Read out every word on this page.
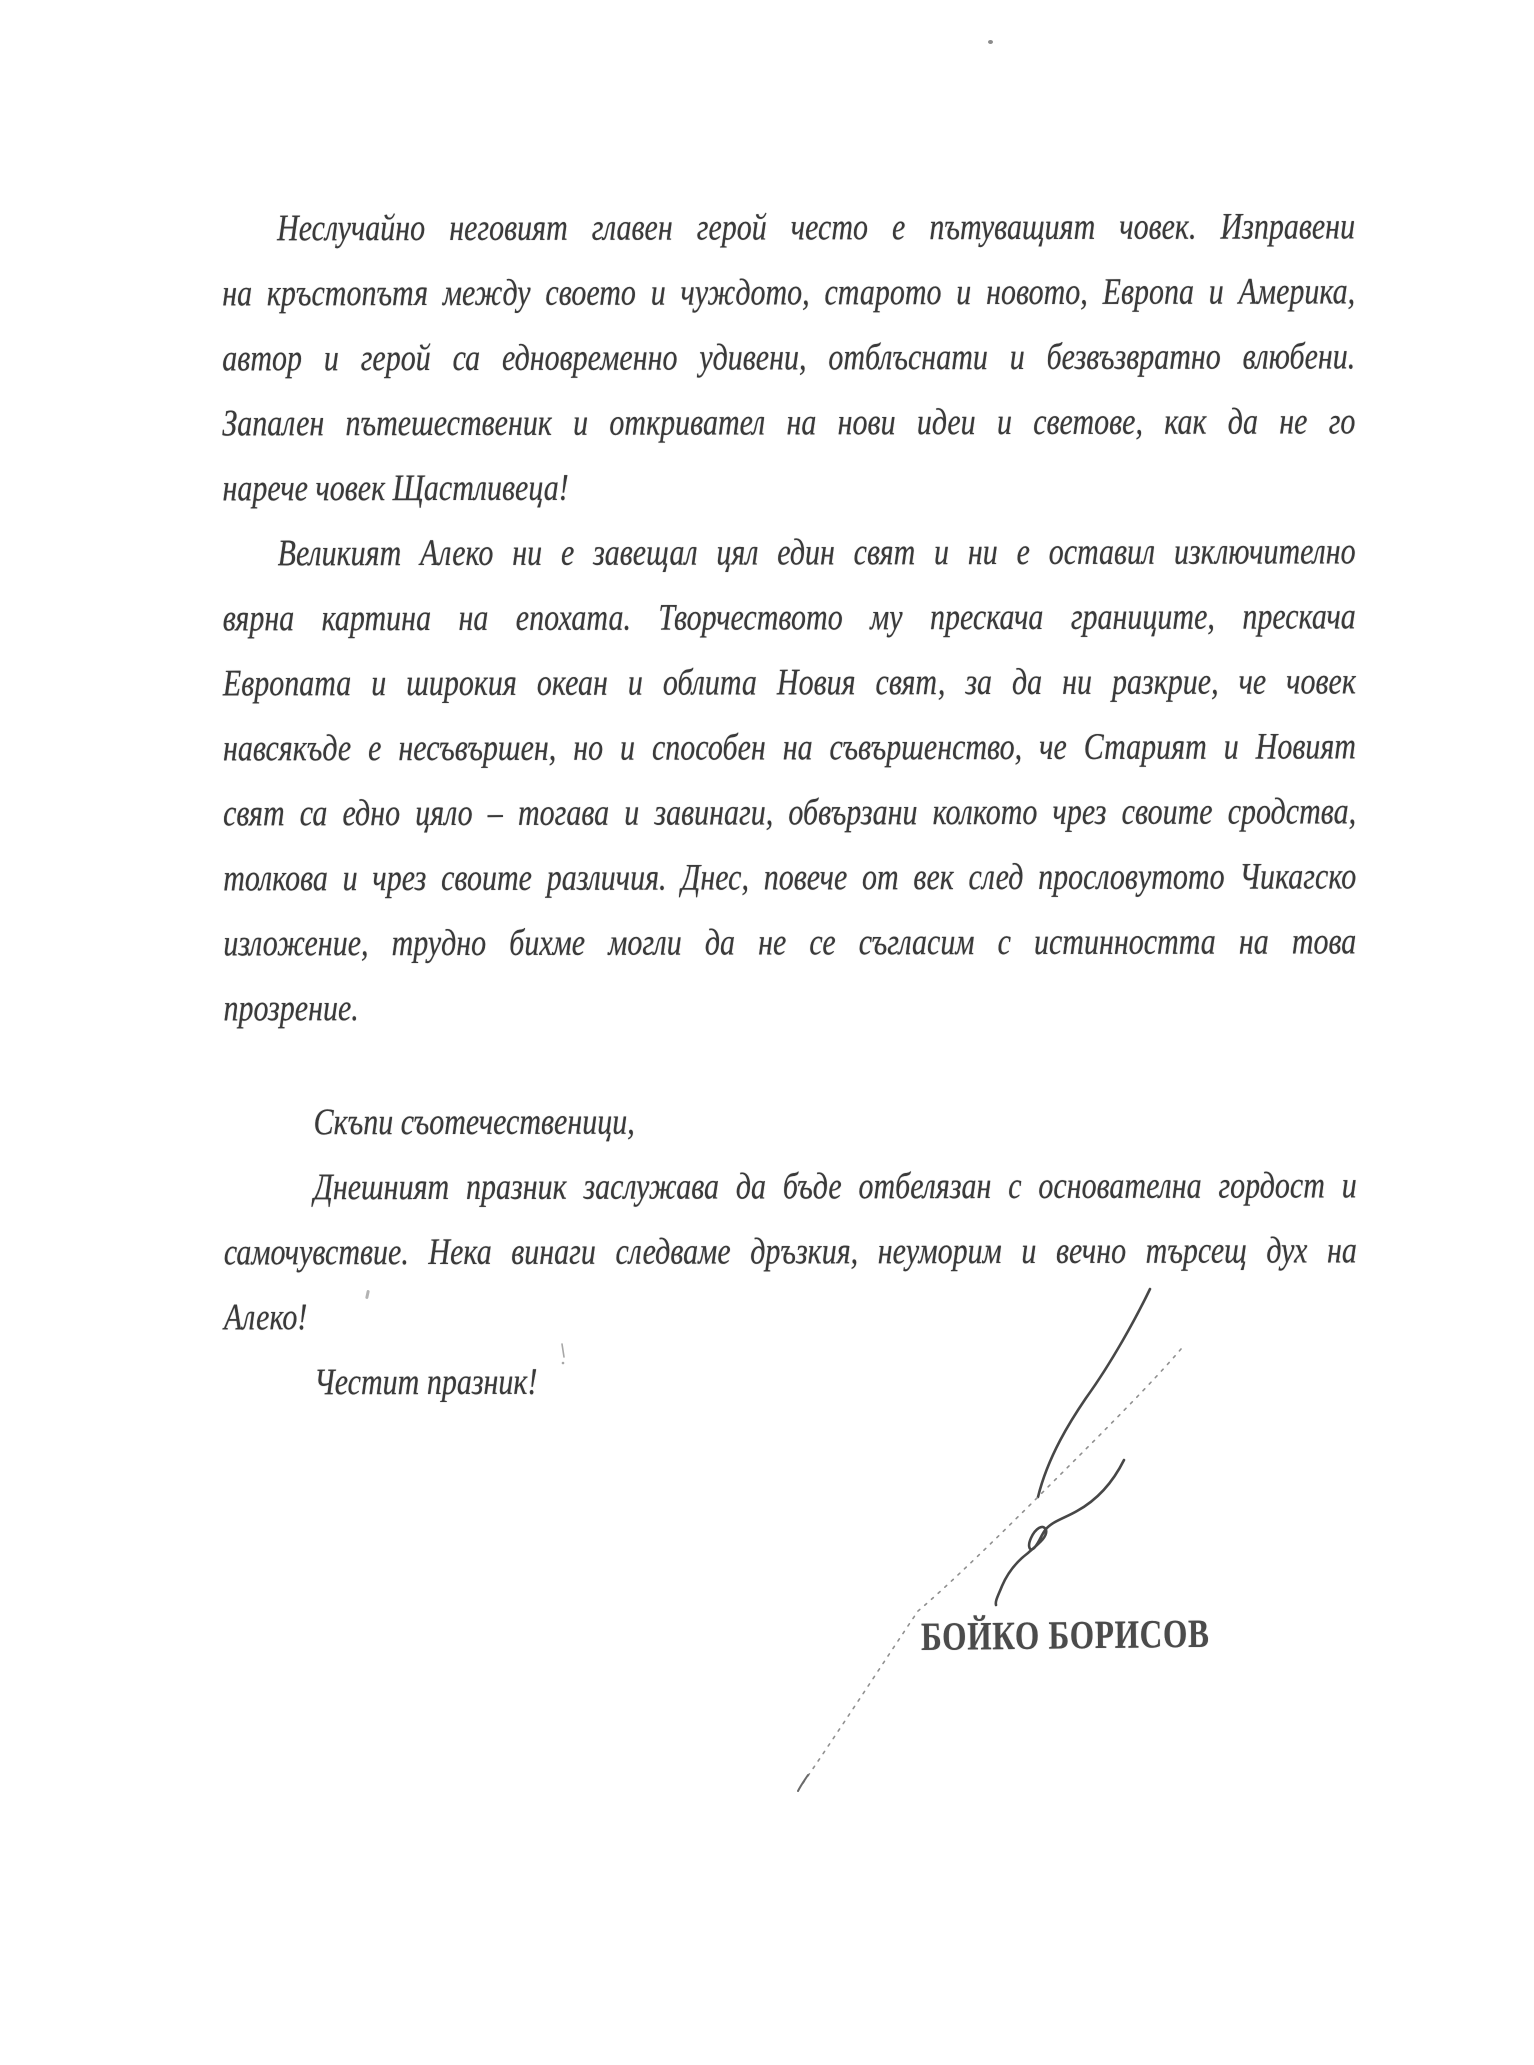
Неслучайно неговият главен герой често е пътуващият човек. Изправени
на кръстопътя между своето и чуждото, старото и новото, Европа и Америка,
автор и герой са едновременно удивени, отблъснати и безвъзвратно влюбени.
Запален пътешественик и откривател на нови идеи и светове, как да не го
нарече човек Щастливеца!
Великият Алеко ни е завещал цял един свят и ни е оставил изключително
вярна картина на епохата. Творчеството му прескача границите, прескача
Европата и широкия океан и облита Новия свят, за да ни разкрие, че човек
навсякъде е несъвършен, но и способен на съвършенство, че Старият и Новият
свят са едно цяло – тогава и завинаги, обвързани колкото чрез своите сродства,
толкова и чрез своите различия. Днес, повече от век след прословутото Чикагско
изложение, трудно бихме могли да не се съгласим с истинността на това
прозрение.
Скъпи съотечественици,
Днешният празник заслужава да бъде отбелязан с основателна гордост и
самочувствие. Нека винаги следваме дръзкия, неуморим и вечно търсещ дух на
Алеко!
Честит празник!
БОЙКО БОРИСОВ
